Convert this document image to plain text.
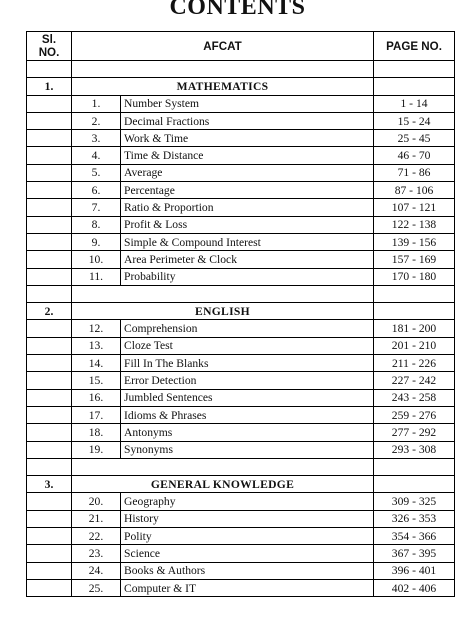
CONTENTS
Sl.
NO.	AFCAT		PAGE NO.

1.	MATHEMATICS		
	1.	Number System	1 - 14
	2.	Decimal Fractions	15 - 24
	3.	Work & Time	25 - 45
	4.	Time & Distance	46 - 70
	5.	Average	71 - 86
	6.	Percentage	87 - 106
	7.	Ratio & Proportion	107 - 121
	8.	Profit & Loss	122 - 138
	9.	Simple & Compound Interest	139 - 156
	10.	Area Perimeter & Clock	157 - 169
	11.	Probability	170 - 180

2.	ENGLISH		
	12.	Comprehension	181 - 200
	13.	Cloze Test	201 - 210
	14.	Fill In The Blanks	211 - 226
	15.	Error Detection	227 - 242
	16.	Jumbled Sentences	243 - 258
	17.	Idioms & Phrases	259 - 276
	18.	Antonyms	277 - 292
	19.	Synonyms	293 - 308

3.	GENERAL KNOWLEDGE		
	20.	Geography	309 - 325
	21.	History	326 - 353
	22.	Polity	354 - 366
	23.	Science	367 - 395
	24.	Books & Authors	396 - 401
	25.	Computer & IT	402 - 406
